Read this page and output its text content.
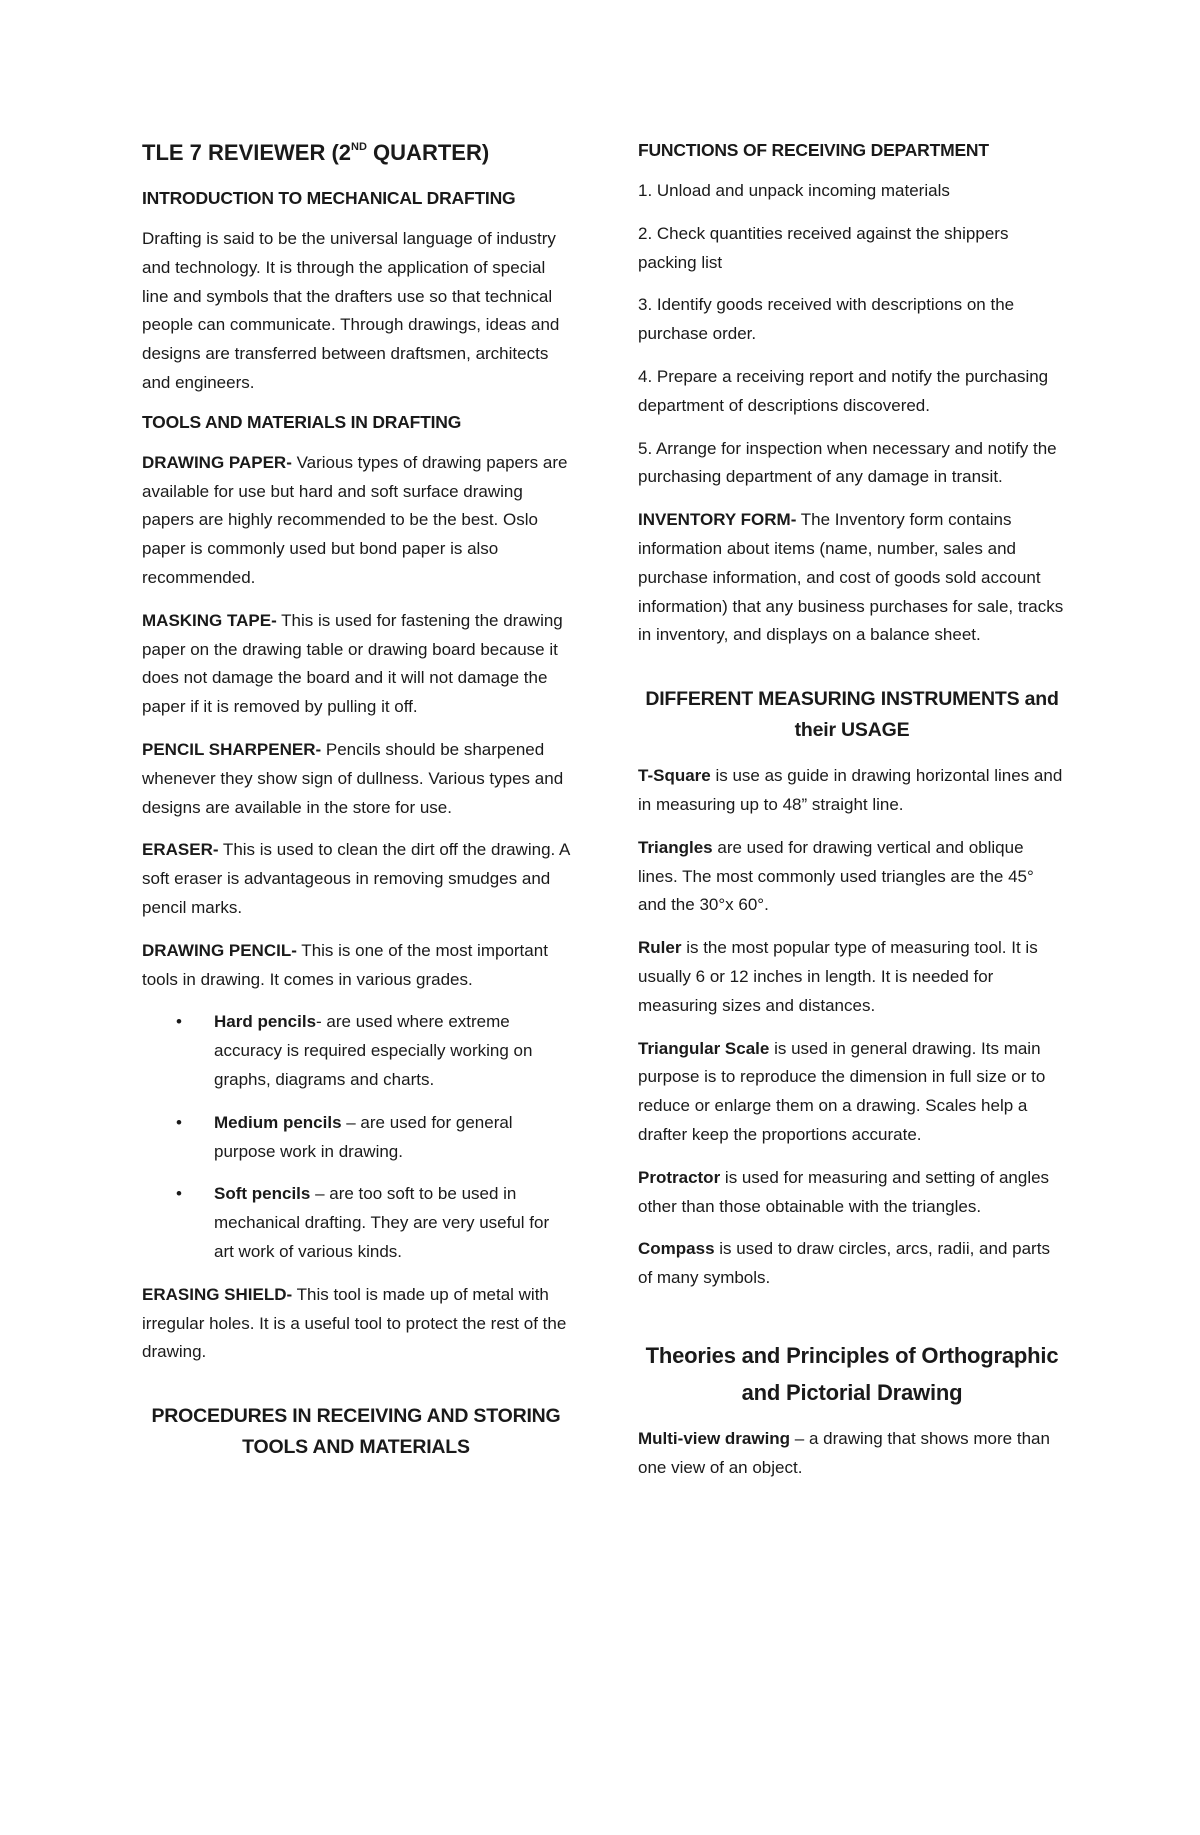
TLE 7 REVIEWER (2ND QUARTER)
INTRODUCTION TO MECHANICAL DRAFTING

Drafting is said to be the universal language of industry and technology. It is through the application of special line and symbols that the drafters use so that technical people can communicate. Through drawings, ideas and designs are transferred between draftsmen, architects and engineers.

TOOLS AND MATERIALS IN DRAFTING

DRAWING PAPER- Various types of drawing papers are available for use but hard and soft surface drawing papers are highly recommended to be the best. Oslo paper is commonly used but bond paper is also recommended.

MASKING TAPE- This is used for fastening the drawing paper on the drawing table or drawing board because it does not damage the board and it will not damage the paper if it is removed by pulling it off.

PENCIL SHARPENER- Pencils should be sharpened whenever they show sign of dullness. Various types and designs are available in the store for use.

ERASER- This is used to clean the dirt off the drawing. A soft eraser is advantageous in removing smudges and pencil marks.

DRAWING PENCIL- This is one of the most important tools in drawing. It comes in various grades.

• Hard pencils- are used where extreme accuracy is required especially working on graphs, diagrams and charts.
• Medium pencils – are used for general purpose work in drawing.
• Soft pencils – are too soft to be used in mechanical drafting. They are very useful for art work of various kinds.

ERASING SHIELD- This tool is made up of metal with irregular holes. It is a useful tool to protect the rest of the drawing.

PROCEDURES IN RECEIVING AND STORING TOOLS AND MATERIALS
FUNCTIONS OF RECEIVING DEPARTMENT

1. Unload and unpack incoming materials

2. Check quantities received against the shippers packing list

3. Identify goods received with descriptions on the purchase order.

4. Prepare a receiving report and notify the purchasing department of descriptions discovered.

5. Arrange for inspection when necessary and notify the purchasing department of any damage in transit.

INVENTORY FORM- The Inventory form contains information about items (name, number, sales and purchase information, and cost of goods sold account information) that any business purchases for sale, tracks in inventory, and displays on a balance sheet.

DIFFERENT MEASURING INSTRUMENTS and their USAGE

T-Square is use as guide in drawing horizontal lines and in measuring up to 48” straight line.

Triangles are used for drawing vertical and oblique lines. The most commonly used triangles are the 45° and the 30°x 60°.

Ruler is the most popular type of measuring tool. It is usually 6 or 12 inches in length. It is needed for measuring sizes and distances.

Triangular Scale is used in general drawing. Its main purpose is to reproduce the dimension in full size or to reduce or enlarge them on a drawing. Scales help a drafter keep the proportions accurate.

Protractor is used for measuring and setting of angles other than those obtainable with the triangles.

Compass is used to draw circles, arcs, radii, and parts of many symbols.

Theories and Principles of Orthographic and Pictorial Drawing

Multi-view drawing – a drawing that shows more than one view of an object.
